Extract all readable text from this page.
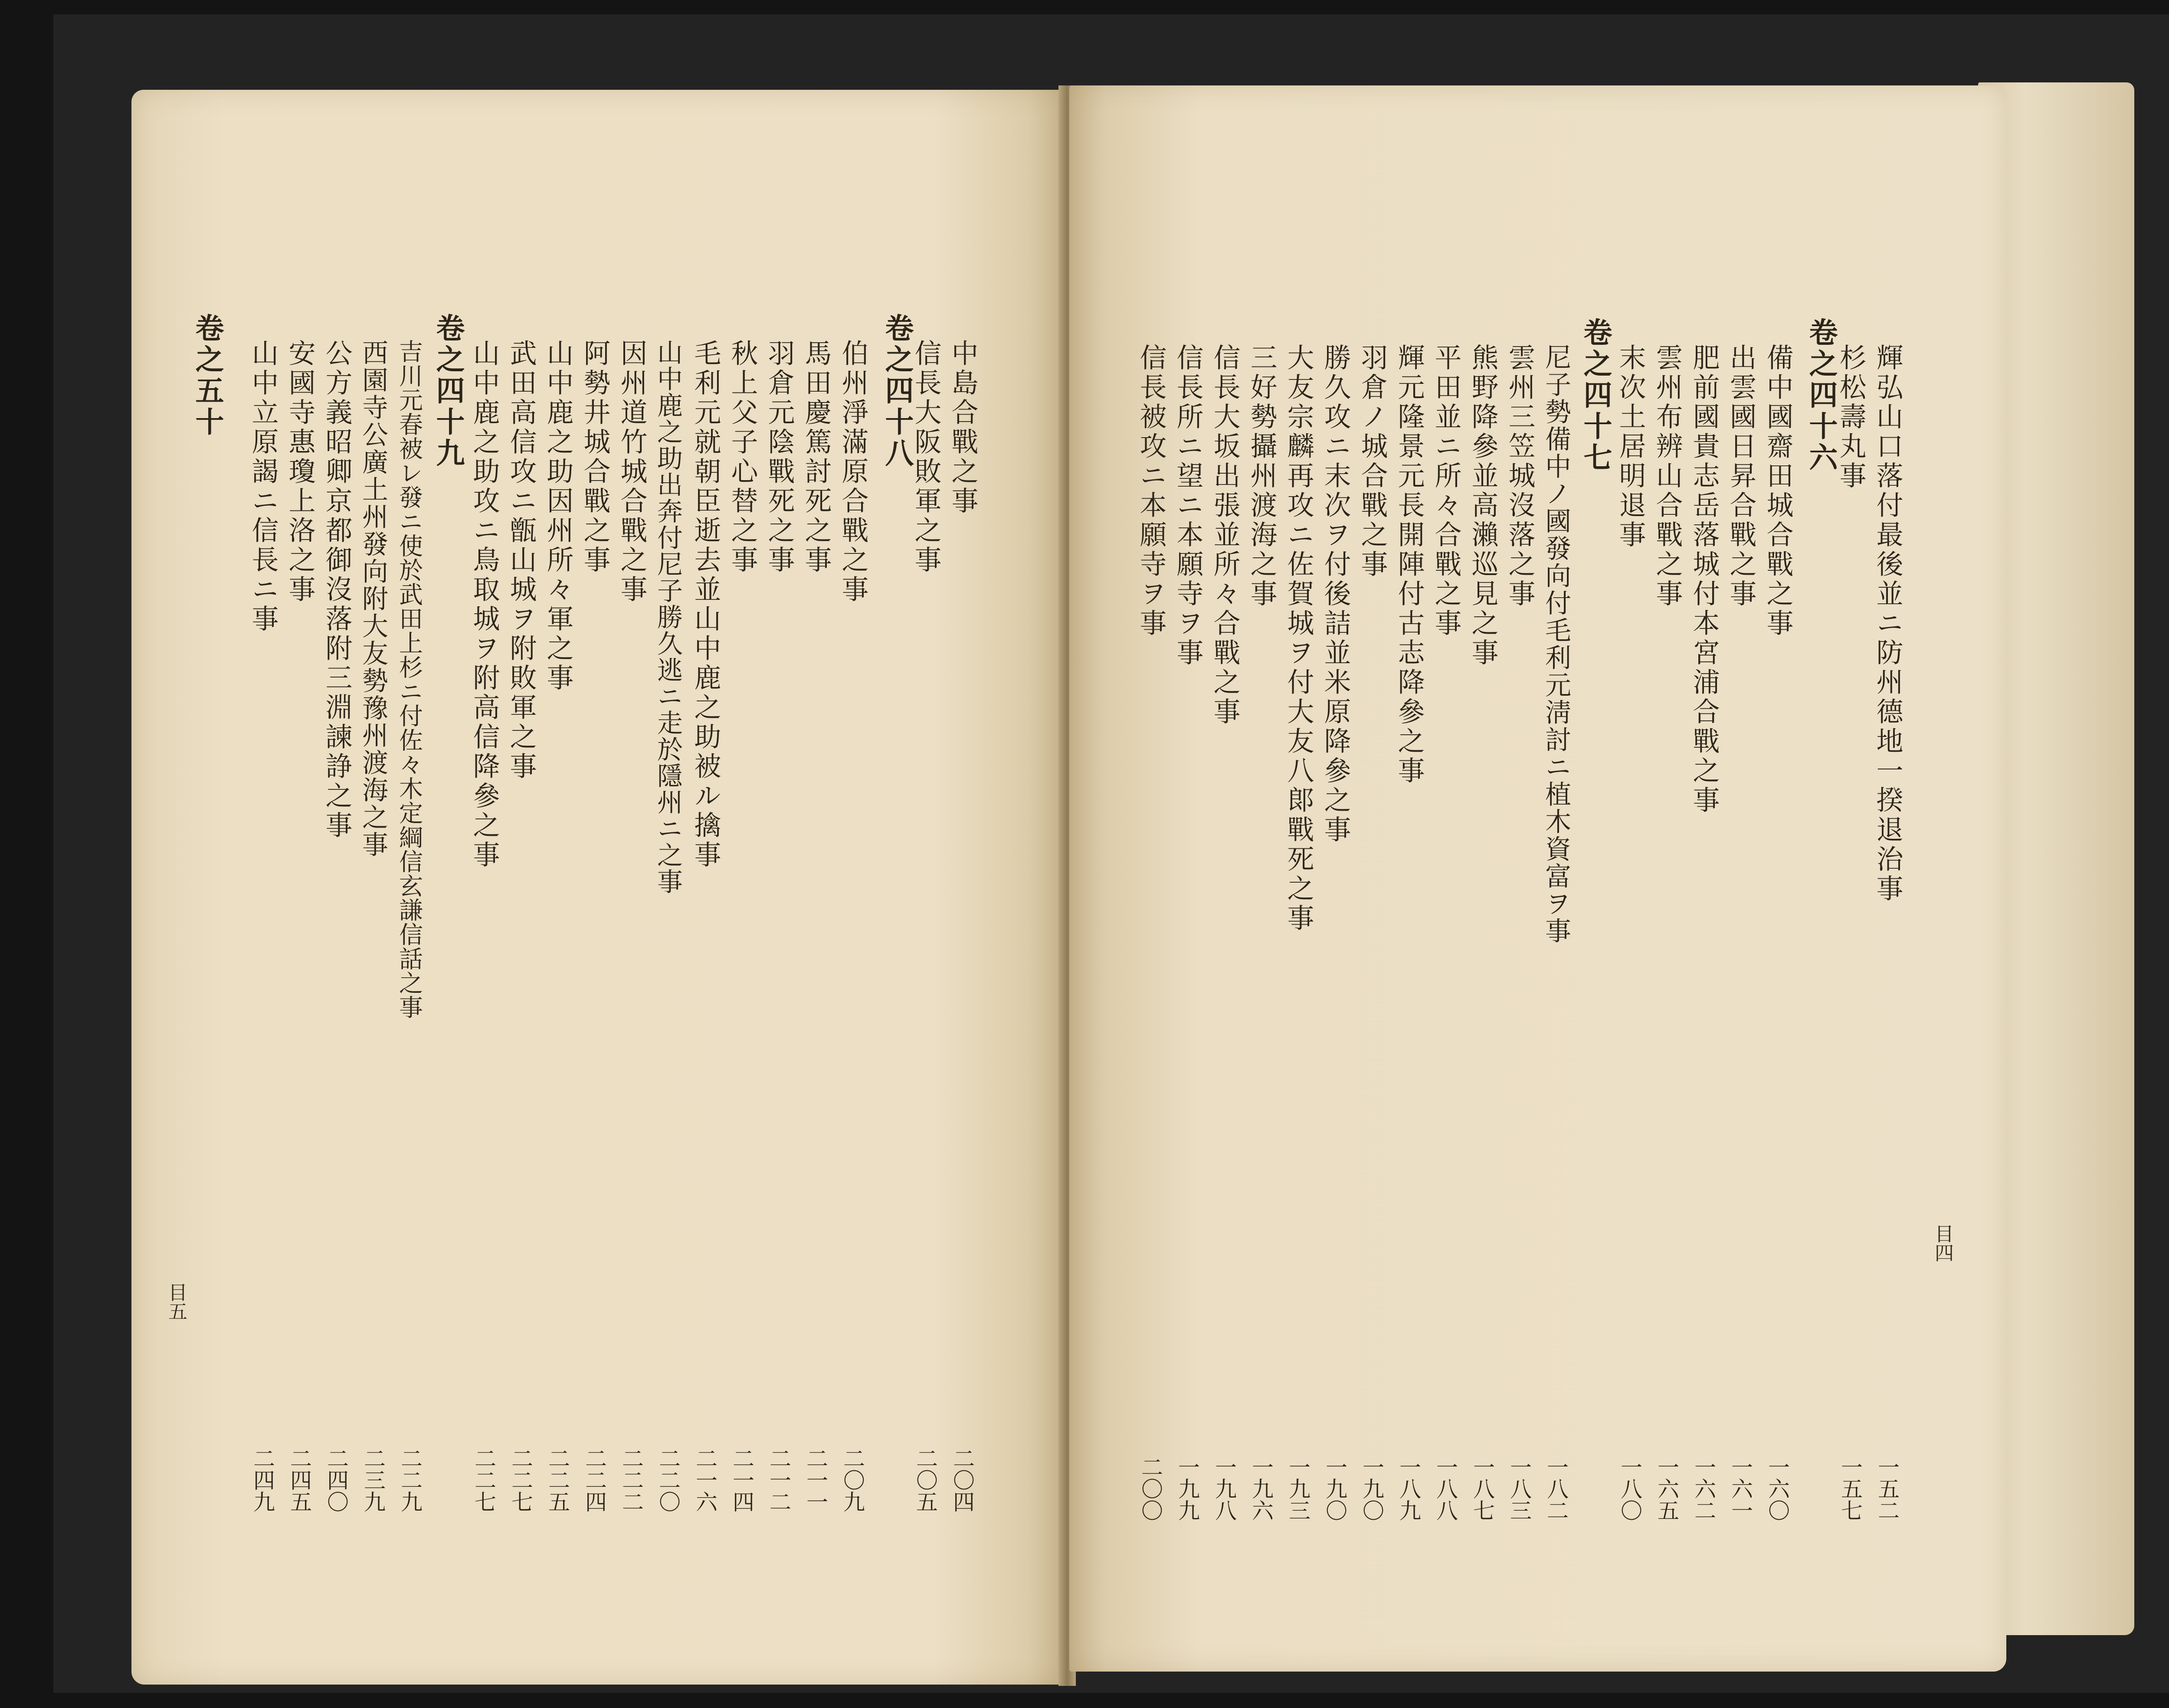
中島合戰之事
二〇四
信長大阪敗軍之事
二〇五
卷之四十八
伯州淨滿原合戰之事
二〇九
馬田慶篤討死之事
二一一
羽倉元陰戰死之事
二一二
秋上父子心替之事
二一四
毛利元就朝臣逝去並山中鹿之助被ル擒事
二一六
山中鹿之助出奔付尼子勝久逃ニ走於隱州ニ之事
二二〇
因州道竹城合戰之事
二二二
阿勢井城合戰之事
二二四
山中鹿之助因州所々軍之事
二二五
武田高信攻ニ甑山城ヲ附敗軍之事
二二七
山中鹿之助攻ニ鳥取城ヲ附高信降參之事
二二七
卷之四十九
吉川元春被レ發ニ使於武田上杉ニ付佐々木定綱信玄謙信話之事
二二九
西園寺公廣土州發向附大友勢豫州渡海之事
二三九
公方義昭卿京都御沒落附三淵諫諍之事
二四〇
安國寺惠瓊上洛之事
二四五
山中立原謁ニ信長ニ事
二四九
卷之五十
目五
輝弘山口落付最後並ニ防州德地一揆退治事
一五二
杉松壽丸事
一五七
卷之四十六
備中國齋田城合戰之事
一六〇
出雲國日昇合戰之事
一六一
肥前國貴志岳落城付本宮浦合戰之事
一六二
雲州布辨山合戰之事
一六五
末次土居明退事
一八〇
卷之四十七
尼子勢備中ノ國發向付毛利元淸討ニ植木資富ヲ事
一八二
雲州三笠城沒落之事
一八三
熊野降參並高瀨巡見之事
一八七
平田並ニ所々合戰之事
一八八
輝元隆景元長開陣付古志降參之事
一八九
羽倉ノ城合戰之事
一九〇
勝久攻ニ末次ヲ付後詰並米原降參之事
一九〇
大友宗麟再攻ニ佐賀城ヲ付大友八郞戰死之事
一九三
三好勢攝州渡海之事
一九六
信長大坂出張並所々合戰之事
一九八
信長所ニ望ニ本願寺ヲ事
一九九
信長被攻ニ本願寺ヲ事
二〇〇
目四
